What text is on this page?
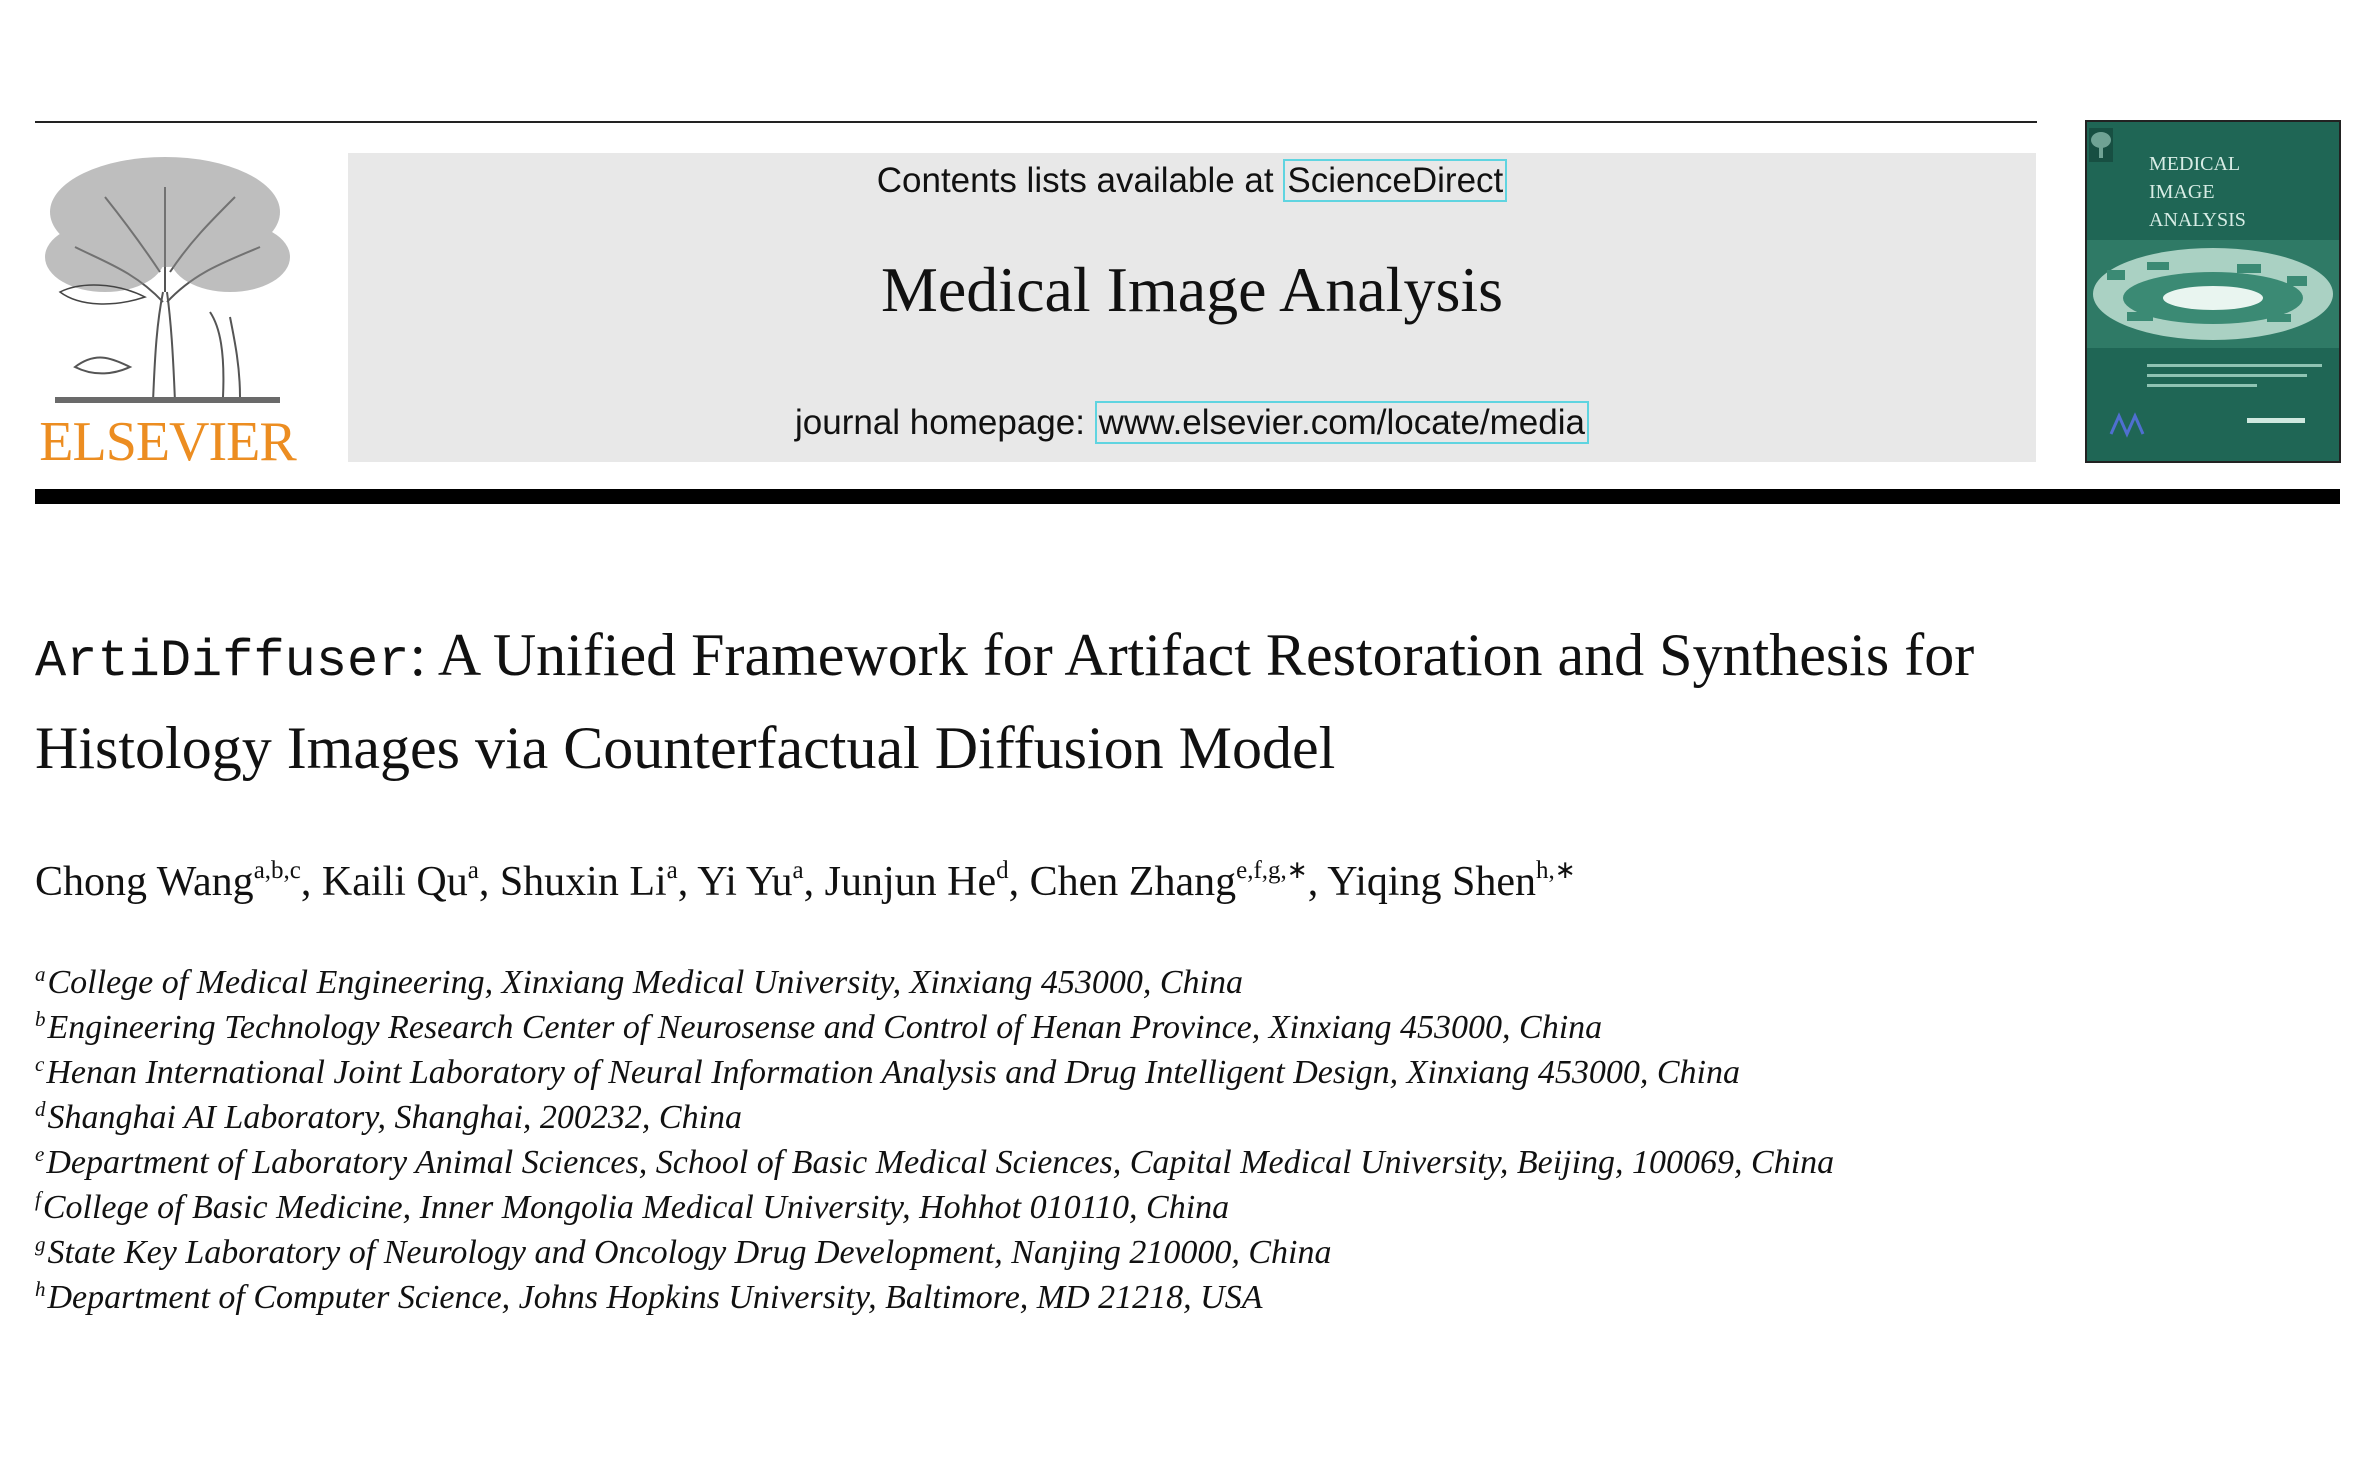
ELSEVIER
Contents lists available at ScienceDirect
Medical Image Analysis
journal homepage: www.elsevier.com/locate/media
MEDICAL
IMAGE
ANALYSIS
ArtiDiffuser: A Unified Framework for Artifact Restoration and Synthesis for
Histology Images via Counterfactual Diffusion Model
Chong Wang$^{a,b,c}$, Kaili Qu$^a$, Shuxin Li$^a$, Yi Yu$^a$, Junjun He$^d$, Chen Zhang$^{e,f,g,∗}$, Yiqing Shen$^{h,∗}$
$^a$College of Medical Engineering, Xinxiang Medical University, Xinxiang 453000, China
$^b$Engineering Technology Research Center of Neurosense and Control of Henan Province, Xinxiang 453000, China
$^c$Henan International Joint Laboratory of Neural Information Analysis and Drug Intelligent Design, Xinxiang 453000, China
$^d$Shanghai AI Laboratory, Shanghai, 200232, China
$^e$Department of Laboratory Animal Sciences, School of Basic Medical Sciences, Capital Medical University, Beijing, 100069, China
$^f$College of Basic Medicine, Inner Mongolia Medical University, Hohhot 010110, China
$^g$State Key Laboratory of Neurology and Oncology Drug Development, Nanjing 210000, China
$^h$Department of Computer Science, Johns Hopkins University, Baltimore, MD 21218, USA
